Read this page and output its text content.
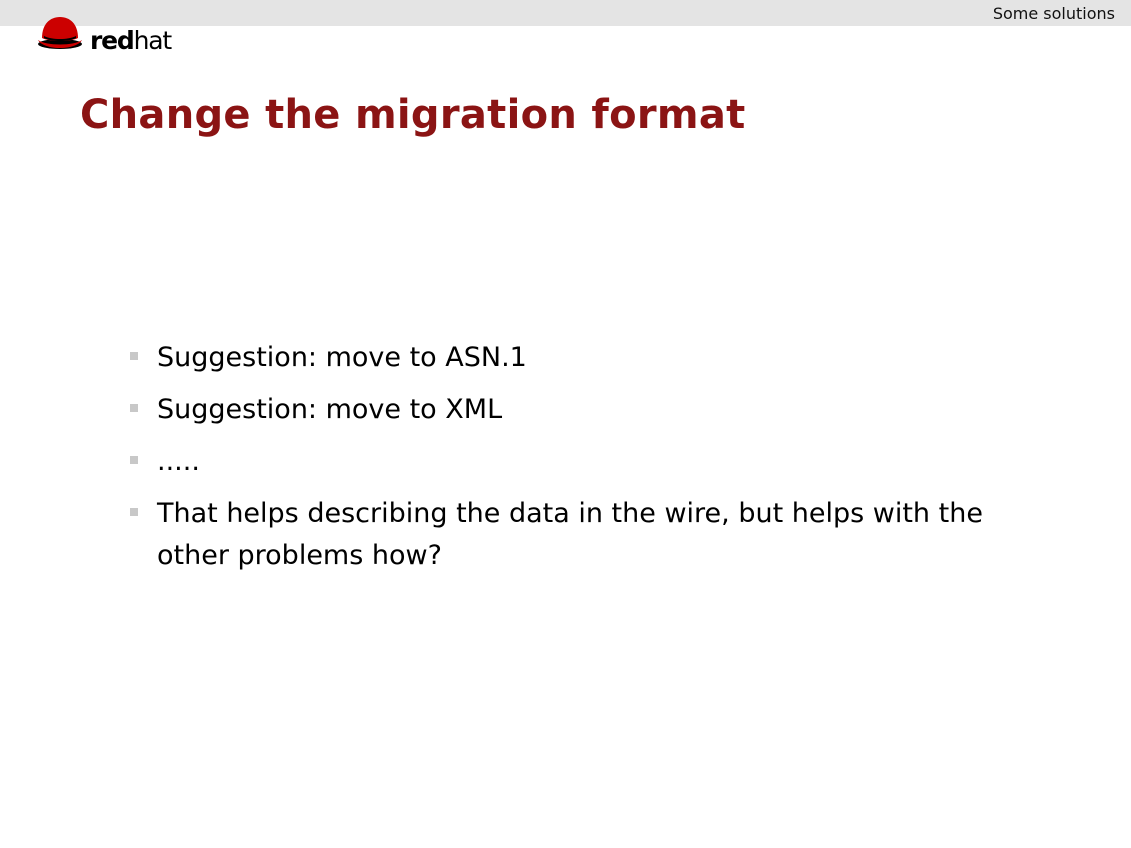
Some solutions
redhat
Change the migration format
Suggestion: move to ASN.1
Suggestion: move to XML
.....
That helps describing the data in the wire, but helps with the other problems how?
